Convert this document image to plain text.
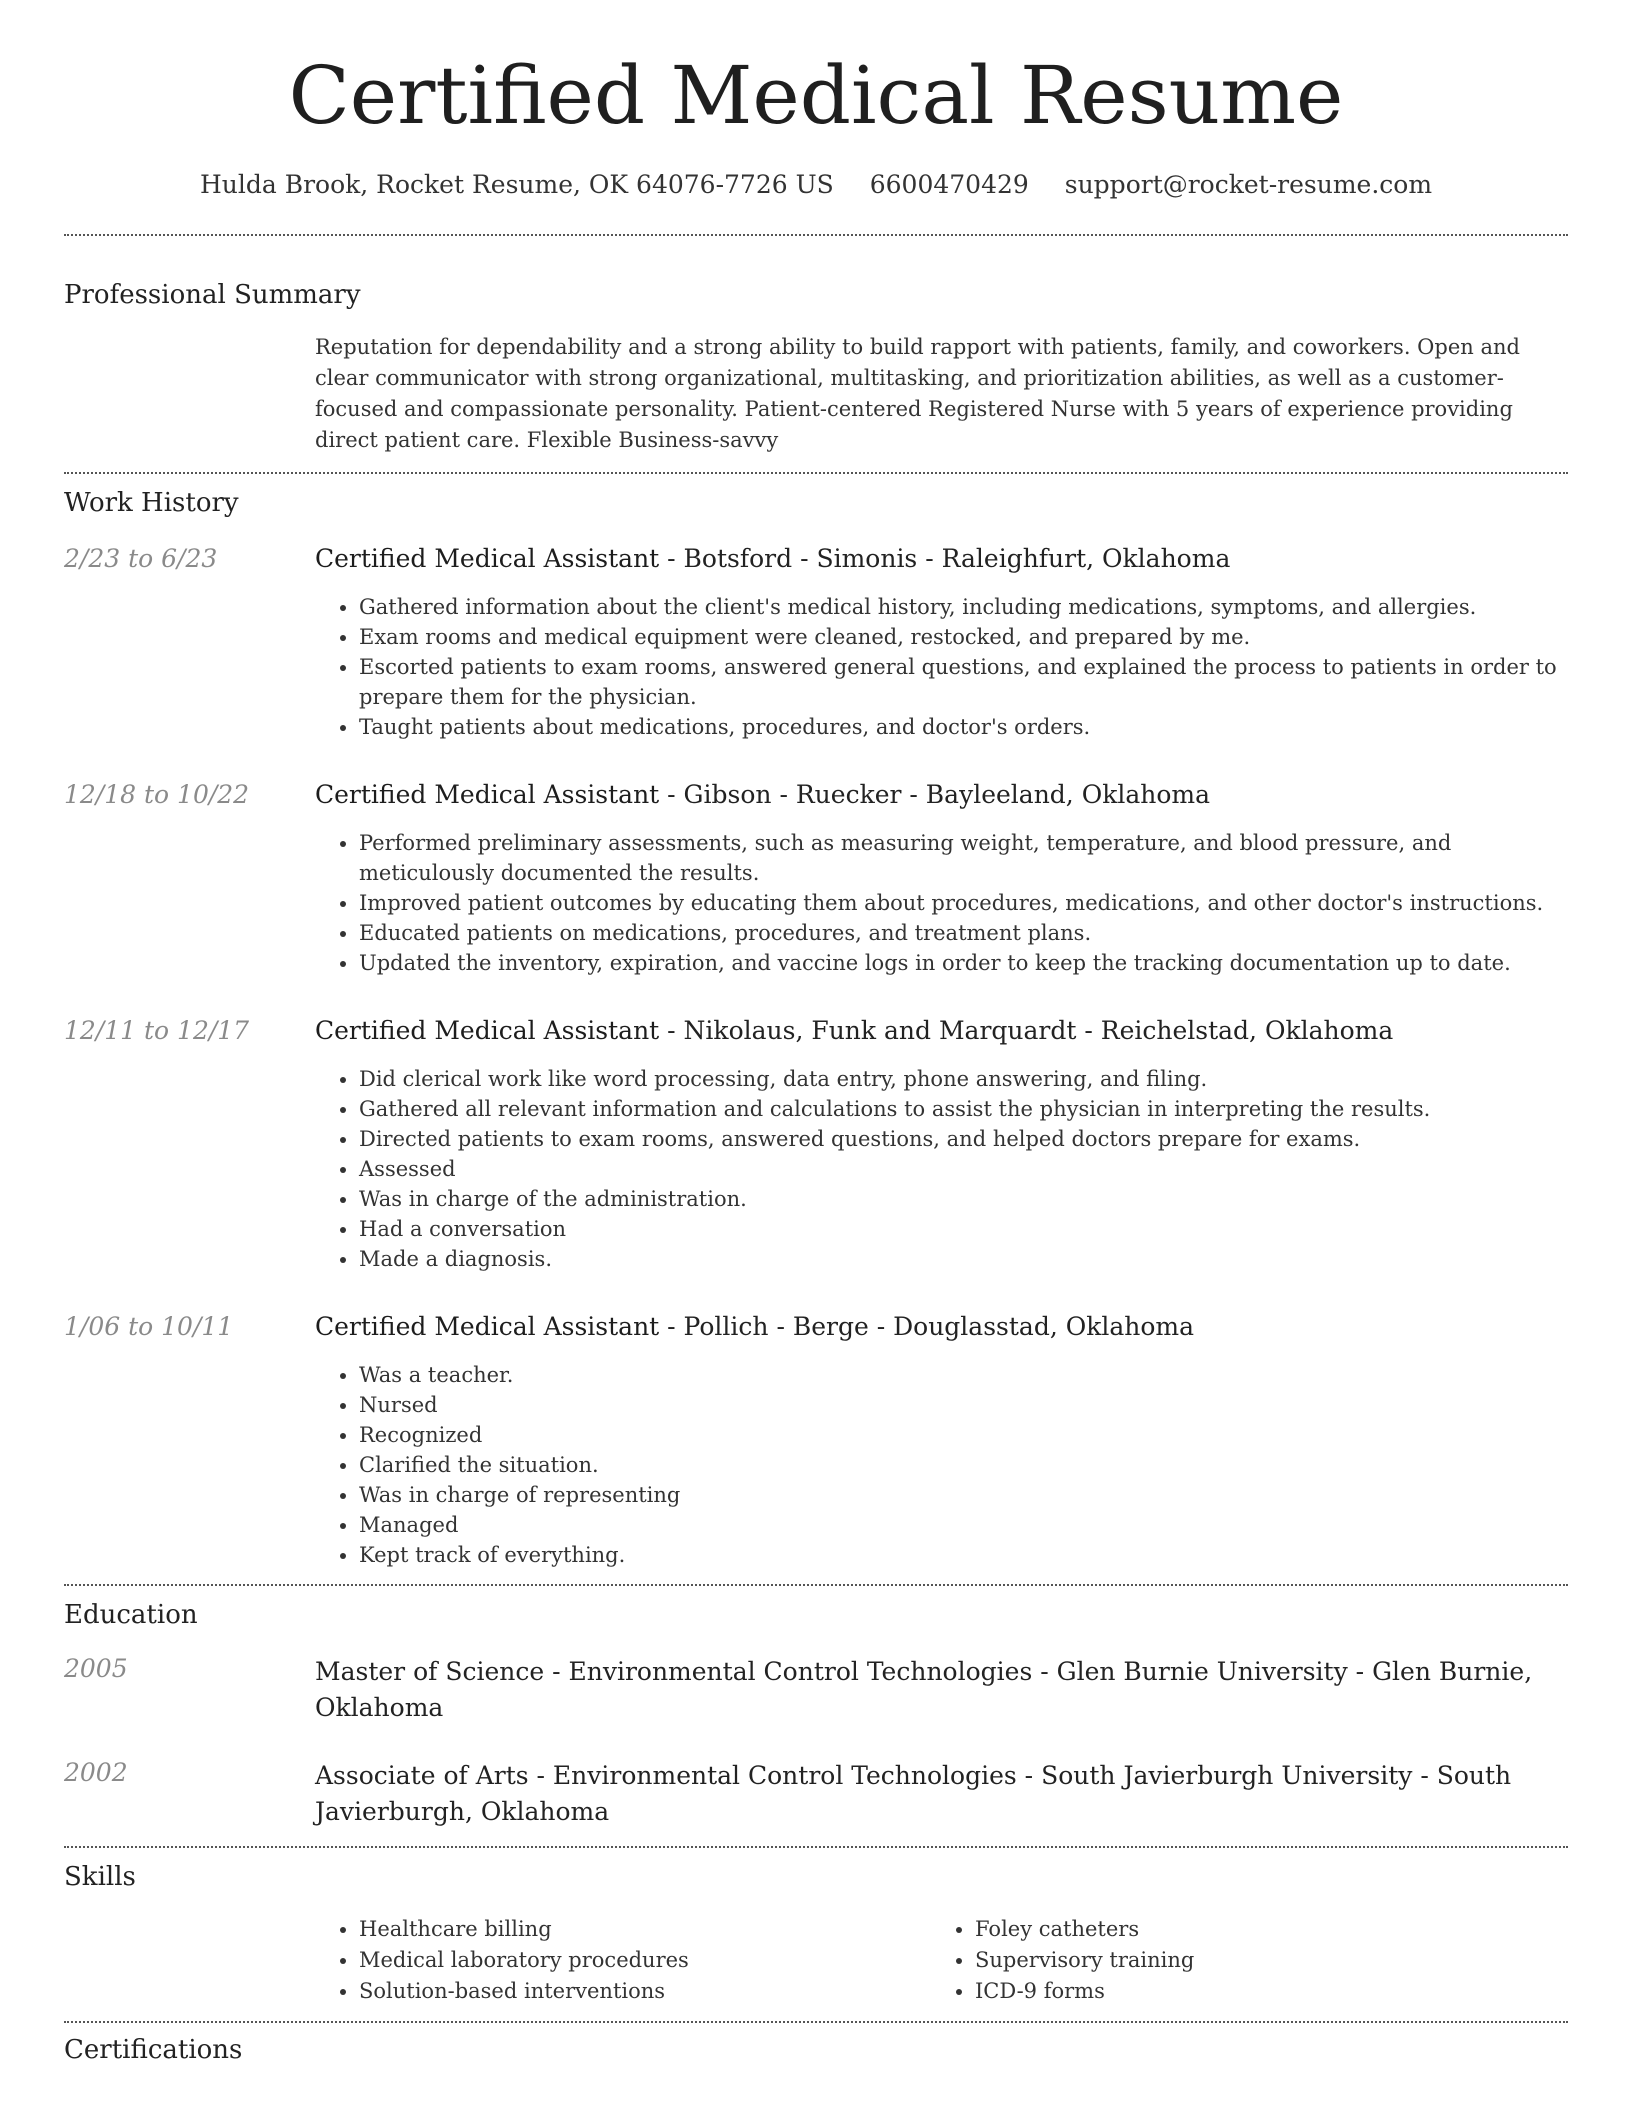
Certified Medical Resume
Hulda Brook, Rocket Resume, OK 64076-7726 US 6600470429 support@rocket-resume.com
Professional Summary

Reputation for dependability and a strong ability to build rapport with patients, family, and coworkers. Open and clear communicator with strong organizational, multitasking, and prioritization abilities, as well as a customer-focused and compassionate personality. Patient-centered Registered Nurse with 5 years of experience providing direct patient care. Flexible Business-savvy

Work History
2/23 to 6/23	Certified Medical Assistant - Botsford - Simonis - Raleighfurt, Oklahoma
• Gathered information about the client's medical history, including medications, symptoms, and allergies.
• Exam rooms and medical equipment were cleaned, restocked, and prepared by me.
• Escorted patients to exam rooms, answered general questions, and explained the process to patients in order to prepare them for the physician.
• Taught patients about medications, procedures, and doctor's orders.
12/18 to 10/22	Certified Medical Assistant - Gibson - Ruecker - Bayleeland, Oklahoma
• Performed preliminary assessments, such as measuring weight, temperature, and blood pressure, and meticulously documented the results.
• Improved patient outcomes by educating them about procedures, medications, and other doctor's instructions.
• Educated patients on medications, procedures, and treatment plans.
• Updated the inventory, expiration, and vaccine logs in order to keep the tracking documentation up to date.
12/11 to 12/17	Certified Medical Assistant - Nikolaus, Funk and Marquardt - Reichelstad, Oklahoma
• Did clerical work like word processing, data entry, phone answering, and filing.
• Gathered all relevant information and calculations to assist the physician in interpreting the results.
• Directed patients to exam rooms, answered questions, and helped doctors prepare for exams.
• Assessed
• Was in charge of the administration.
• Had a conversation
• Made a diagnosis.
1/06 to 10/11	Certified Medical Assistant - Pollich - Berge - Douglasstad, Oklahoma
• Was a teacher.
• Nursed
• Recognized
• Clarified the situation.
• Was in charge of representing
• Managed
• Kept track of everything.
Education
2005	Master of Science - Environmental Control Technologies - Glen Burnie University - Glen Burnie, Oklahoma
2002	Associate of Arts - Environmental Control Technologies - South Javierburgh University - South Javierburgh, Oklahoma
Skills
• Healthcare billing
• Medical laboratory procedures
• Solution-based interventions
• Foley catheters
• Supervisory training
• ICD-9 forms
Certifications
